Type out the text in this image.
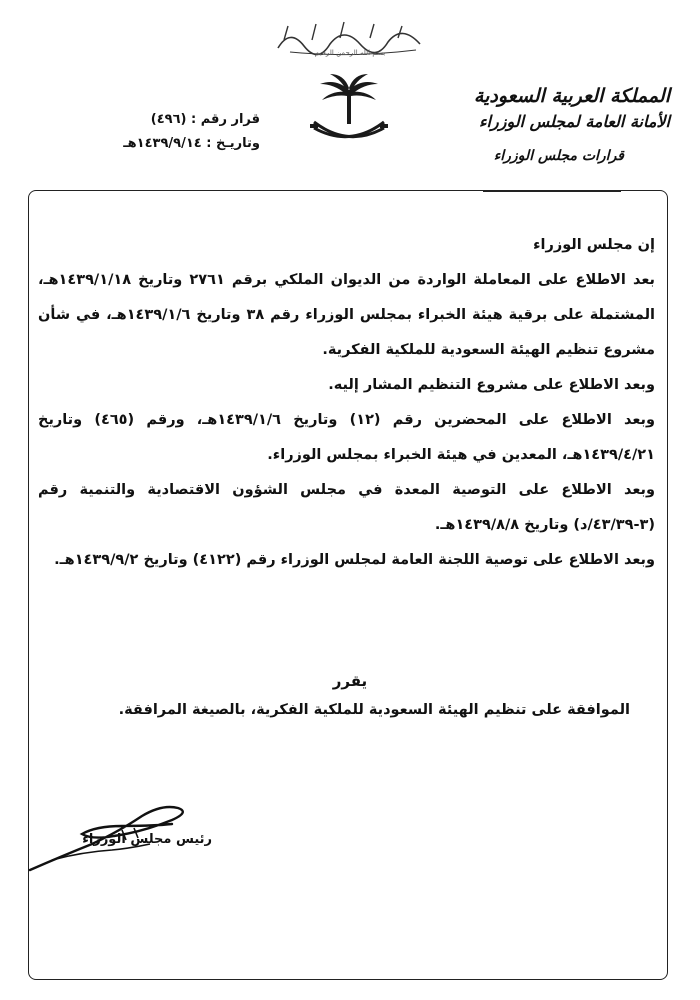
بسم الله الرحمن الرحيم
قرار رقم : (٤٩٦)
وتاريـخ : ١٤٣٩/٩/١٤هـ
المملكة العربية السعودية
الأمانة العامة لمجلس الوزراء
قرارات مجلس الوزراء

إن مجلس الوزراء

بعد الاطلاع على المعاملة الواردة من الديوان الملكي برقم ٢٧٦١ وتاريخ ١٤٣٩/١/١٨هـ، المشتملة على برقية هيئة الخبراء بمجلس الوزراء رقم ٣٨ وتاريخ ١٤٣٩/١/٦هـ، في شأن مشروع تنظيم الهيئة السعودية للملكية الفكرية.

وبعد الاطلاع على مشروع التنظيم المشار إليه.

وبعد الاطلاع على المحضرين رقم (١٢) وتاريخ ١٤٣٩/١/٦هـ، ورقم (٤٦٥) وتاريخ ١٤٣٩/٤/٢١هـ، المعدين في هيئة الخبراء بمجلس الوزراء.

وبعد الاطلاع على التوصية المعدة في مجلس الشؤون الاقتصادية والتنمية رقم (٣-٤٣/٣٩/د) وتاريخ ١٤٣٩/٨/٨هـ.

وبعد الاطلاع على توصية اللجنة العامة لمجلس الوزراء رقم (٤١٢٢) وتاريخ ١٤٣٩/٩/٢هـ.

يقرر
الموافقة على تنظيم الهيئة السعودية للملكية الفكرية، بالصيغة المرافقة.
رئيس مجلس الوزراء
